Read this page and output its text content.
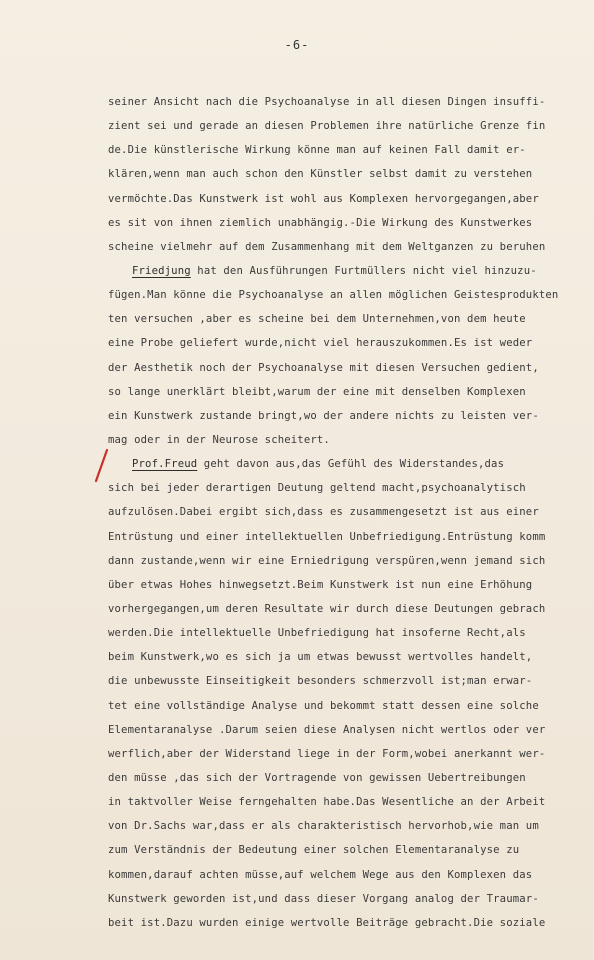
-6-
seiner Ansicht nach die Psychoanalyse in all diesen Dingen insuffi-
zient sei und gerade an diesen Problemen ihre natürliche Grenze fin
de.Die künstlerische Wirkung könne man auf keinen Fall damit er-
klären,wenn man auch schon den Künstler selbst damit zu verstehen
vermöchte.Das Kunstwerk ist wohl aus Komplexen hervorgegangen,aber
es sit von ihnen ziemlich unabhängig.-Die Wirkung des Kunstwerkes
scheine vielmehr auf dem Zusammenhang mit dem Weltganzen zu beruhen
Friedjung hat den Ausführungen Furtmüllers nicht viel hinzuzu-
fügen.Man könne die Psychoanalyse an allen möglichen Geistesprodukten
ten versuchen ,aber es scheine bei dem Unternehmen,von dem heute
eine Probe geliefert wurde,nicht viel herauszukommen.Es ist weder
der Aesthetik noch der Psychoanalyse mit diesen Versuchen gedient,
so lange unerklärt bleibt,warum der eine mit denselben Komplexen
ein Kunstwerk zustande bringt,wo der andere nichts zu leisten ver-
mag oder in der Neurose scheitert.
Prof.Freud geht davon aus,das Gefühl des Widerstandes,das
sich bei jeder derartigen Deutung geltend macht,psychoanalytisch
aufzulösen.Dabei ergibt sich,dass es zusammengesetzt ist aus einer
Entrüstung und einer intellektuellen Unbefriedigung.Entrüstung komm
dann zustande,wenn wir eine Erniedrigung verspüren,wenn jemand sich
über etwas Hohes hinwegsetzt.Beim Kunstwerk ist nun eine Erhöhung
vorhergegangen,um deren Resultate wir durch diese Deutungen gebrach
werden.Die intellektuelle Unbefriedigung hat insoferne Recht,als
beim Kunstwerk,wo es sich ja um etwas bewusst wertvolles handelt,
die unbewusste Einseitigkeit besonders schmerzvoll ist;man erwar-
tet eine vollständige Analyse und bekommt statt dessen eine solche
Elementaranalyse .Darum seien diese Analysen nicht wertlos oder ver
werflich,aber der Widerstand liege in der Form,wobei anerkannt wer-
den müsse ,das sich der Vortragende von gewissen Uebertreibungen
in taktvoller Weise ferngehalten habe.Das Wesentliche an der Arbeit
von Dr.Sachs war,dass er als charakteristisch hervorhob,wie man um
zum Verständnis der Bedeutung einer solchen Elementaranalyse zu
kommen,darauf achten müsse,auf welchem Wege aus den Komplexen das
Kunstwerk geworden ist,und dass dieser Vorgang analog der Traumar-
beit ist.Dazu wurden einige wertvolle Beiträge gebracht.Die soziale
